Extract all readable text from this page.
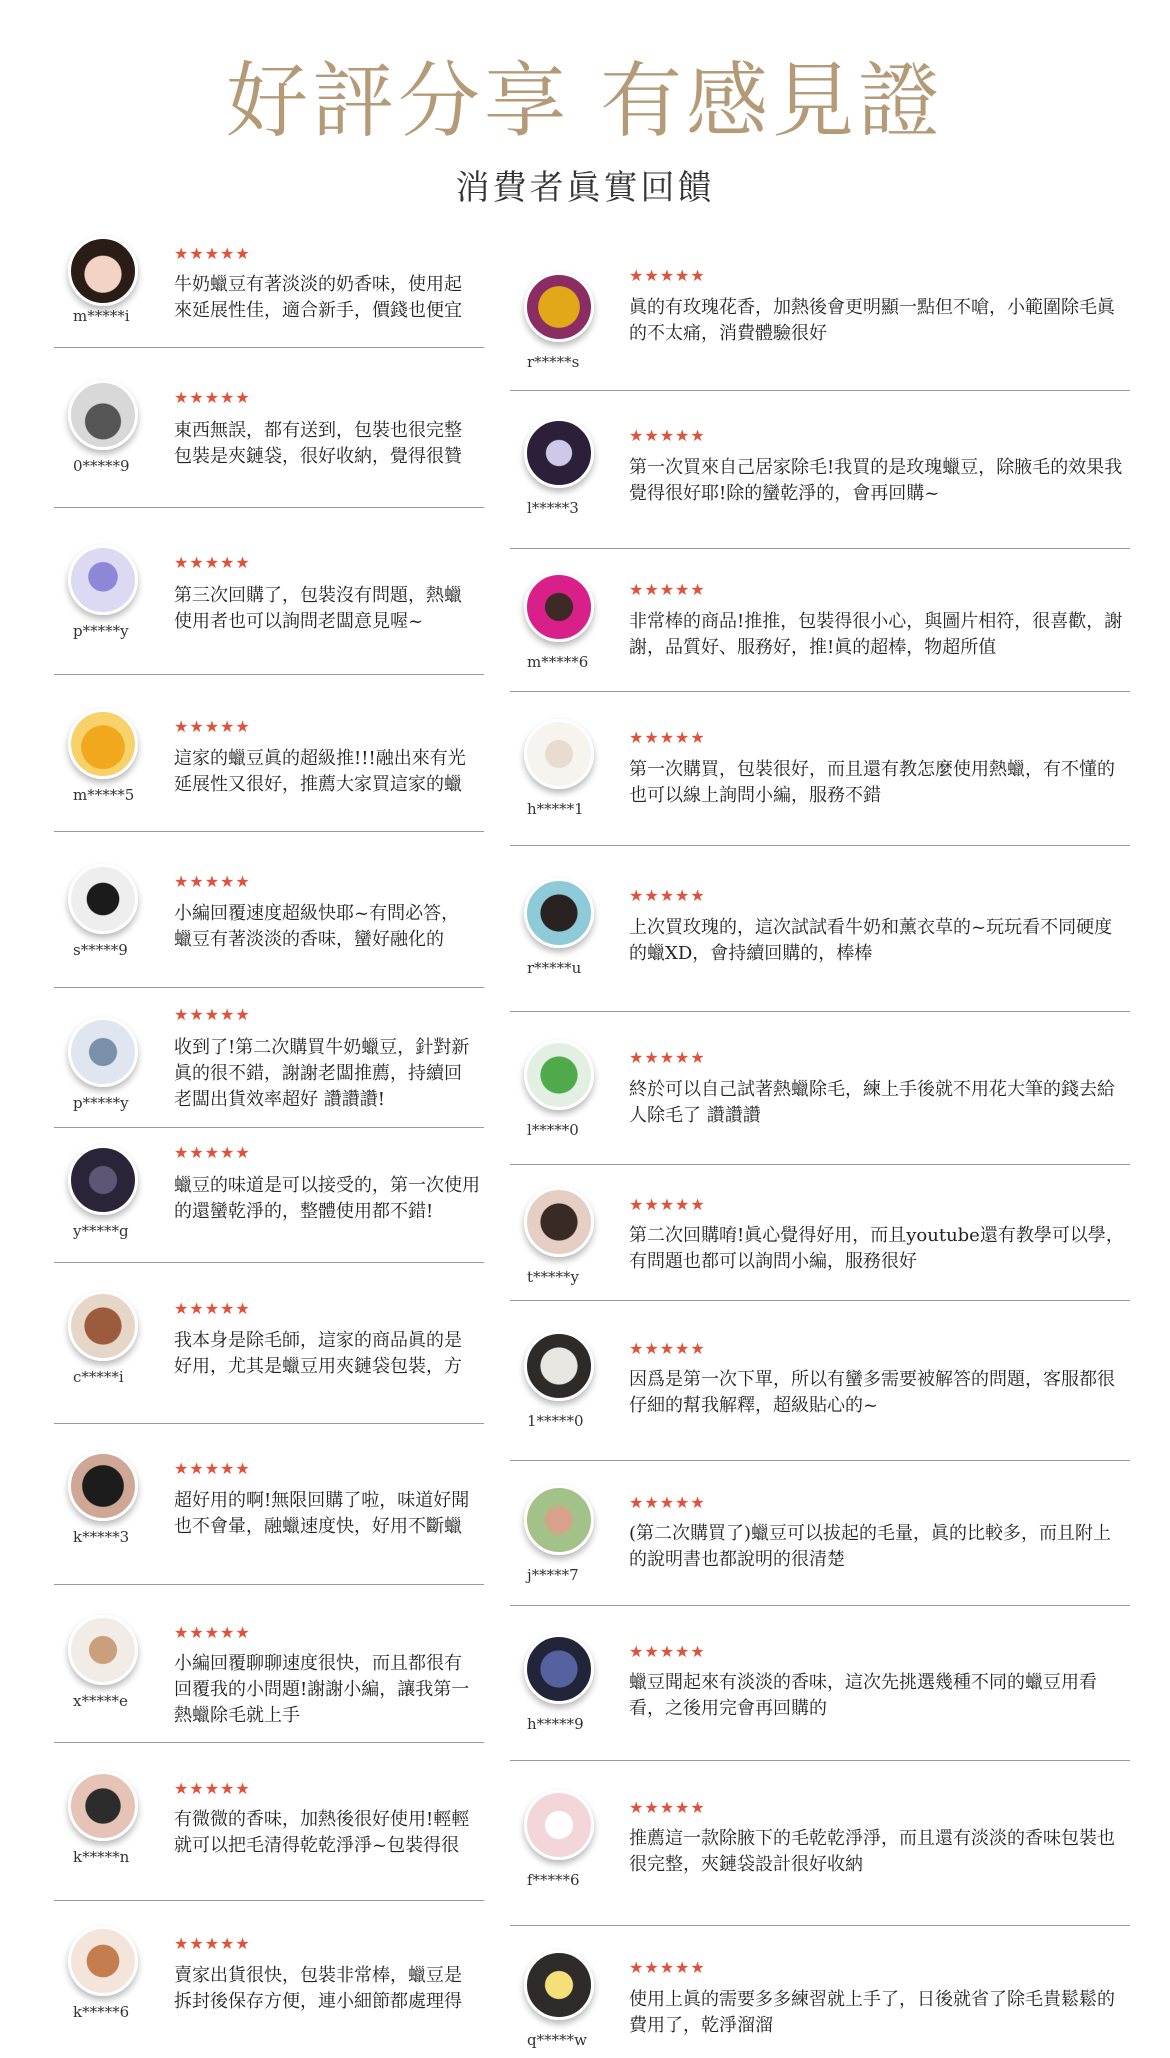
好評分享 有感見證
消費者眞實回饋
m*****i
★★★★★
牛奶蠟豆有著淡淡的奶香味，使用起
來延展性佳，適合新手，價錢也便宜
0*****9
★★★★★
東西無誤，都有送到，包裝也很完整
包裝是夾鏈袋，很好收納，覺得很贊
p*****y
★★★★★
第三次回購了，包裝沒有問題，熱蠟
使用者也可以詢問老闆意見喔~
m*****5
★★★★★
這家的蠟豆眞的超級推!!!融出來有光
延展性又很好，推薦大家買這家的蠟
s*****9
★★★★★
小編回覆速度超級快耶~有問必答，
蠟豆有著淡淡的香味，蠻好融化的
p*****y
★★★★★
收到了!第二次購買牛奶蠟豆，針對新
眞的很不錯，謝謝老闆推薦，持續回
老闆出貨效率超好 讚讚讚!
y*****g
★★★★★
蠟豆的味道是可以接受的，第一次使用
的還蠻乾淨的，整體使用都不錯!
c*****i
★★★★★
我本身是除毛師，這家的商品眞的是
好用，尤其是蠟豆用夾鏈袋包裝，方
k*****3
★★★★★
超好用的啊!無限回購了啦，味道好聞
也不會暈，融蠟速度快，好用不斷蠟
x*****e
★★★★★
小編回覆聊聊速度很快，而且都很有
回覆我的小問題!謝謝小編，讓我第一
熱蠟除毛就上手
k*****n
★★★★★
有微微的香味，加熱後很好使用!輕輕
就可以把毛清得乾乾淨淨~包裝得很
k*****6
★★★★★
賣家出貨很快，包裝非常棒，蠟豆是
拆封後保存方便，連小細節都處理得
r*****s
★★★★★
眞的有玫瑰花香，加熱後會更明顯一點但不嗆，小範圍除毛眞的不太痛，消費體驗很好
l*****3
★★★★★
第一次買來自己居家除毛!我買的是玫瑰蠟豆，除腋毛的效果我覺得很好耶!除的蠻乾淨的，會再回購~
m*****6
★★★★★
非常棒的商品!推推，包裝得很小心，與圖片相符，很喜歡，謝謝，品質好、服務好，推!眞的超棒，物超所值
h*****1
★★★★★
第一次購買，包裝很好，而且還有教怎麼使用熱蠟，有不懂的也可以線上詢問小編，服務不錯
r*****u
★★★★★
上次買玫瑰的，這次試試看牛奶和薰衣草的~玩玩看不同硬度的蠟XD，會持續回購的，棒棒
l*****0
★★★★★
終於可以自己試著熱蠟除毛，練上手後就不用花大筆的錢去給人除毛了 讚讚讚
t*****y
★★★★★
第二次回購唷!眞心覺得好用，而且youtube還有教學可以學，有問題也都可以詢問小編，服務很好
1*****0
★★★★★
因爲是第一次下單，所以有蠻多需要被解答的問題，客服都很仔細的幫我解釋，超級貼心的~
j*****7
★★★★★
(第二次購買了)蠟豆可以拔起的毛量，眞的比較多，而且附上的說明書也都說明的很清楚
h*****9
★★★★★
蠟豆聞起來有淡淡的香味，這次先挑選幾種不同的蠟豆用看看，之後用完會再回購的
f*****6
★★★★★
推薦這一款除腋下的毛乾乾淨淨，而且還有淡淡的香味包裝也很完整，夾鏈袋設計很好收納
q*****w
★★★★★
使用上眞的需要多多練習就上手了，日後就省了除毛貴鬆鬆的費用了，乾淨溜溜
